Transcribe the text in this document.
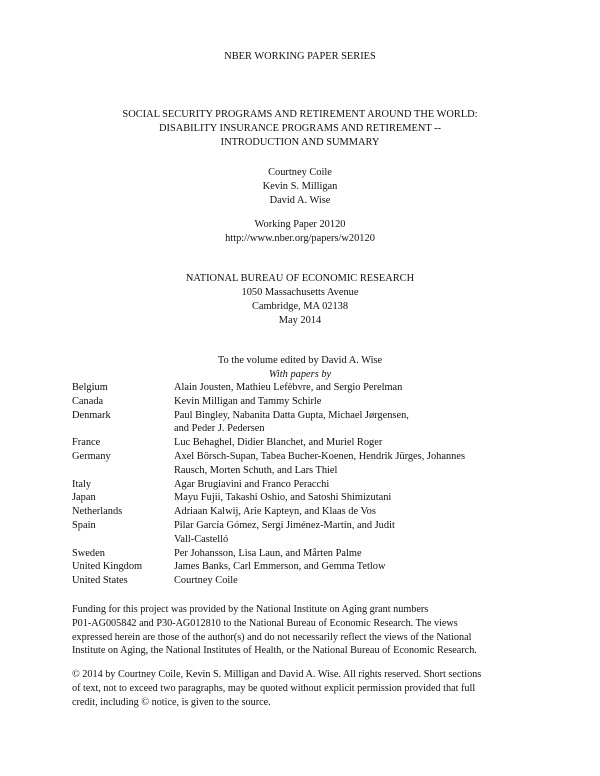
NBER WORKING PAPER SERIES
SOCIAL SECURITY PROGRAMS AND RETIREMENT AROUND THE WORLD:
DISABILITY INSURANCE PROGRAMS AND RETIREMENT --
INTRODUCTION AND SUMMARY
Courtney Coile
Kevin S. Milligan
David A. Wise
Working Paper 20120
http://www.nber.org/papers/w20120
NATIONAL BUREAU OF ECONOMIC RESEARCH
1050 Massachusetts Avenue
Cambridge, MA 02138
May 2014
To the volume edited by David A. Wise
With papers by
Belgium	Alain Jousten, Mathieu Lefèbvre, and Sergio Perelman
Canada	Kevin Milligan and Tammy Schirle
Denmark	Paul Bingley, Nabanita Datta Gupta, Michael Jørgensen,
and Peder J. Pedersen
France	Luc Behaghel, Didier Blanchet, and Muriel Roger
Germany	Axel Börsch-Supan, Tabea Bucher-Koenen, Hendrik Jürges, Johannes
Rausch, Morten Schuth, and Lars Thiel
Italy	Agar Brugiavini and Franco Peracchi
Japan	Mayu Fujii, Takashi Oshio, and Satoshi Shimizutani
Netherlands	Adriaan Kalwij, Arie Kapteyn, and Klaas de Vos
Spain	Pilar García Gómez, Sergi Jiménez-Martín, and Judit
Vall-Castelló
Sweden	Per Johansson, Lisa Laun, and Mårten Palme
United Kingdom	James Banks, Carl Emmerson, and Gemma Tetlow
United States	Courtney Coile
Funding for this project was provided by the National Institute on Aging grant numbers
P01-AG005842 and P30-AG012810 to the National Bureau of Economic Research. The views
expressed herein are those of the author(s) and do not necessarily reflect the views of the National
Institute on Aging, the National Institutes of Health, or the National Bureau of Economic Research.
© 2014 by Courtney Coile, Kevin S. Milligan and David A. Wise. All rights reserved. Short sections
of text, not to exceed two paragraphs, may be quoted without explicit permission provided that full
credit, including © notice, is given to the source.
